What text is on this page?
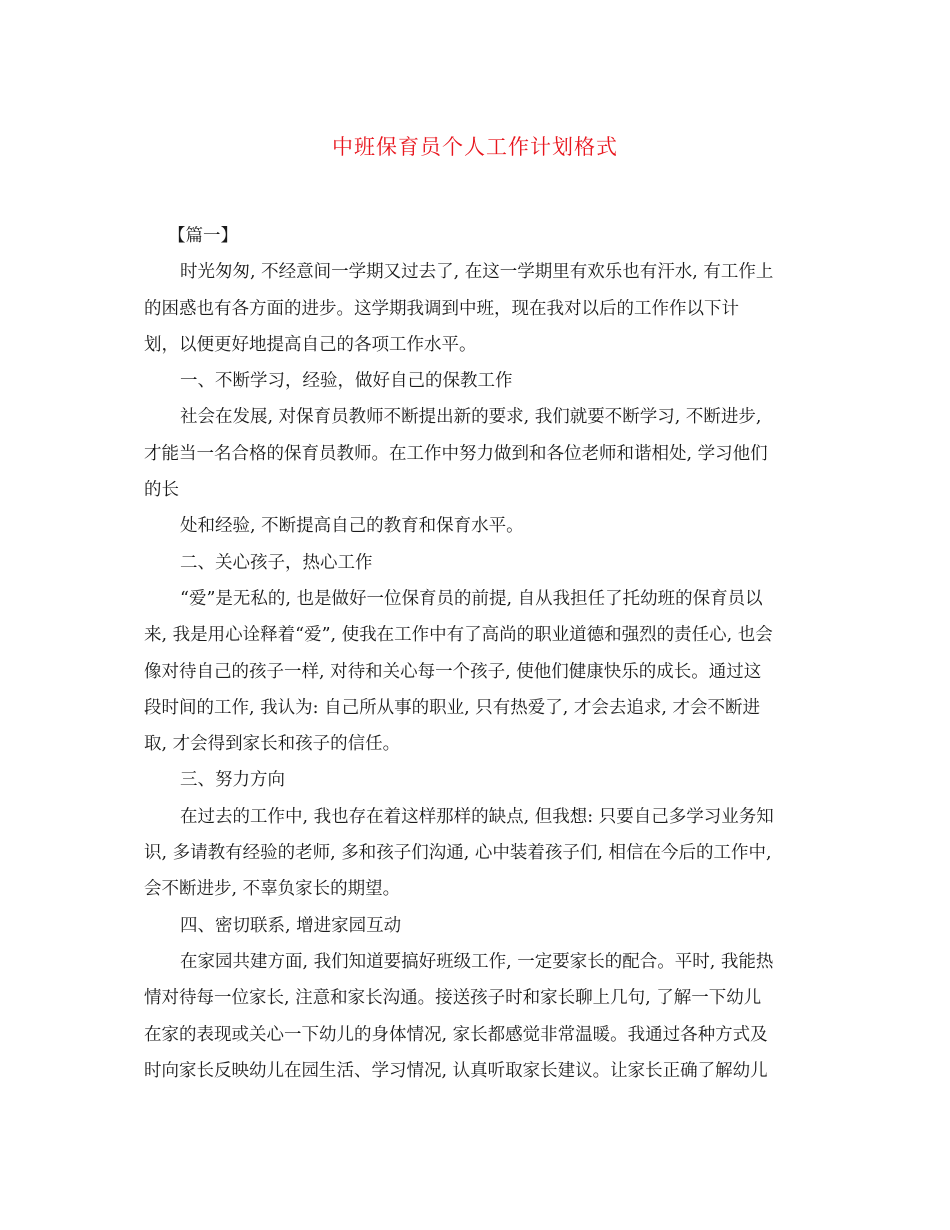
中班保育员个人工作计划格式
【篇一】
时光匆匆, 不经意间一学期又过去了, 在这一学期里有欢乐也有汗水, 有工作上
的困惑也有各方面的进步。这学期我调到中班，现在我对以后的工作作以下计
划，以便更好地提高自己的各项工作水平。
一、不断学习，经验，做好自己的保教工作
社会在发展, 对保育员教师不断提出新的要求, 我们就要不断学习, 不断进步,
才能当一名合格的保育员教师。在工作中努力做到和各位老师和谐相处, 学习他们
的长
处和经验, 不断提高自己的教育和保育水平。
二、关心孩子，热心工作
“爱”是无私的, 也是做好一位保育员的前提, 自从我担任了托幼班的保育员以
来, 我是用心诠释着“爱”, 使我在工作中有了高尚的职业道德和强烈的责任心, 也会
像对待自己的孩子一样, 对待和关心每一个孩子, 使他们健康快乐的成长。通过这
段时间的工作, 我认为: 自己所从事的职业, 只有热爱了, 才会去追求, 才会不断进
取, 才会得到家长和孩子的信任。
三、努力方向
在过去的工作中, 我也存在着这样那样的缺点, 但我想: 只要自己多学习业务知
识, 多请教有经验的老师, 多和孩子们沟通, 心中装着孩子们, 相信在今后的工作中,
会不断进步, 不辜负家长的期望。
四、密切联系, 增进家园互动
在家园共建方面, 我们知道要搞好班级工作, 一定要家长的配合。平时, 我能热
情对待每一位家长, 注意和家长沟通。接送孩子时和家长聊上几句, 了解一下幼儿
在家的表现或关心一下幼儿的身体情况, 家长都感觉非常温暖。我通过各种方式及
时向家长反映幼儿在园生活、学习情况, 认真听取家长建议。让家长正确了解幼儿
